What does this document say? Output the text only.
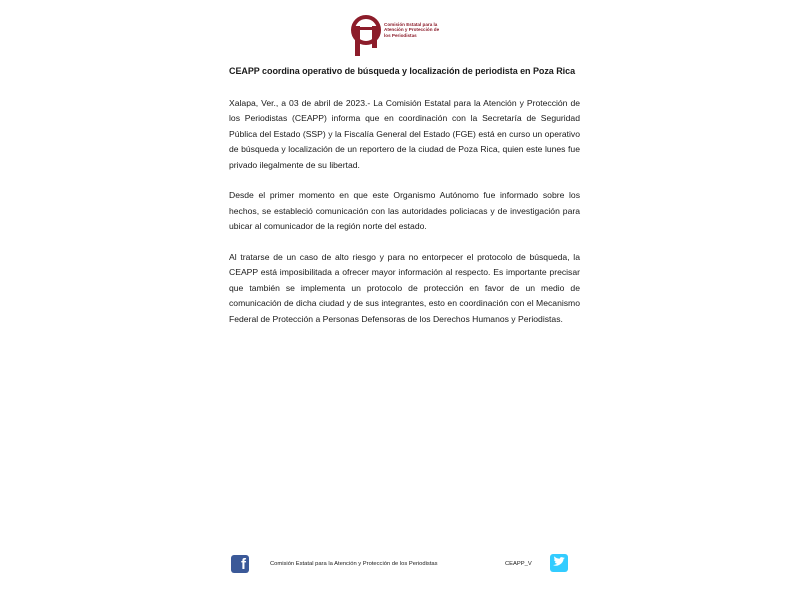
Comisión Estatal para la Atención y Protección de los Periodistas
CEAPP coordina operativo de búsqueda y localización de periodista en Poza Rica

Xalapa, Ver., a 03 de abril de 2023.- La Comisión Estatal para la Atención y Protección de los Periodistas (CEAPP) informa que en coordinación con la Secretaría de Seguridad Pública del Estado (SSP) y la Fiscalía General del Estado (FGE) está en curso un operativo de búsqueda y localización de un reportero de la ciudad de Poza Rica, quien este lunes fue privado ilegalmente de su libertad.

Desde el primer momento en que este Organismo Autónomo fue informado sobre los hechos, se estableció comunicación con las autoridades policiacas y de investigación para ubicar al comunicador de la región norte del estado.

Al tratarse de un caso de alto riesgo y para no entorpecer el protocolo de búsqueda, la CEAPP está imposibilitada a ofrecer mayor información al respecto. Es importante precisar que también se implementa un protocolo de protección en favor de un medio de comunicación de dicha ciudad y de sus integrantes, esto en coordinación con el Mecanismo Federal de Protección a Personas Defensoras de los Derechos Humanos y Periodistas.

f	Comisión Estatal para la Atención y Protección de los Periodistas	CEAPP_V
